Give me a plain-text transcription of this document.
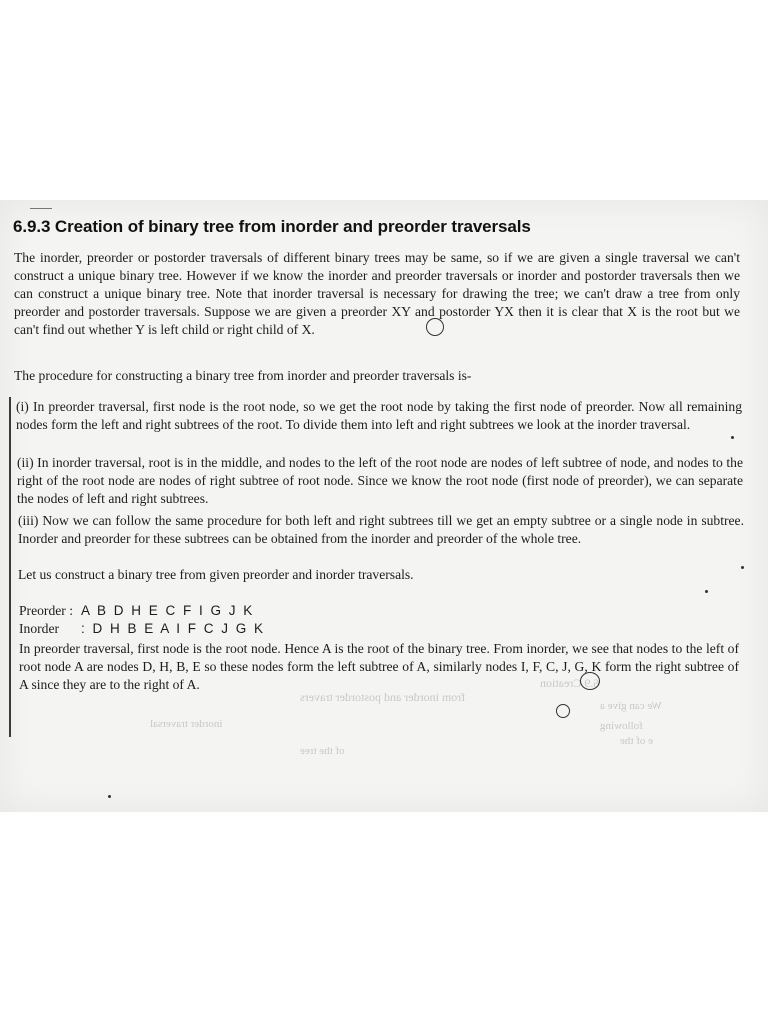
6.9.3 Creation of binary tree from inorder and preorder traversals

The inorder, preorder or postorder traversals of different binary trees may be same, so if we are given a single traversal we can't construct a unique binary tree. However if we know the inorder and preorder traversals or inorder and postorder traversals then we can construct a unique binary tree. Note that inorder traversal is necessary for drawing the tree; we can't draw a tree from only preorder and postorder traversals. Suppose we are given a preorder XY and postorder YX then it is clear that X is the root but we can't find out whether Y is left child or right child of X.

The procedure for constructing a binary tree from inorder and preorder traversals is-

(i) In preorder traversal, first node is the root node, so we get the root node by taking the first node of preorder. Now all remaining nodes form the left and right subtrees of the root. To divide them into left and right subtrees we look at the inorder traversal.

(ii) In inorder traversal, root is in the middle, and nodes to the left of the root node are nodes of left subtree of node, and nodes to the right of the root node are nodes of right subtree of root node. Since we know the root node (first node of preorder), we can separate the nodes of left and right subtrees.

(iii) Now we can follow the same procedure for both left and right subtrees till we get an empty subtree or a single node in subtree. Inorder and preorder for these subtrees can be obtained from the inorder and preorder of the whole tree.

Let us construct a binary tree from given preorder and inorder traversals.

Preorder : A B D H E C F I G J K
Inorder : D H B E A I F C J G K

In preorder traversal, first node is the root node. Hence A is the root of the binary tree. From inorder, we see that nodes to the left of root node A are nodes D, H, B, E so these nodes form the left subtree of A, similarly nodes I, F, C, J, G, K form the right subtree of A since they are to the right of A.	6.9 Creation
from inorder and postorder travers
We can give a
following
e of the
inorder traversal
of the tree
